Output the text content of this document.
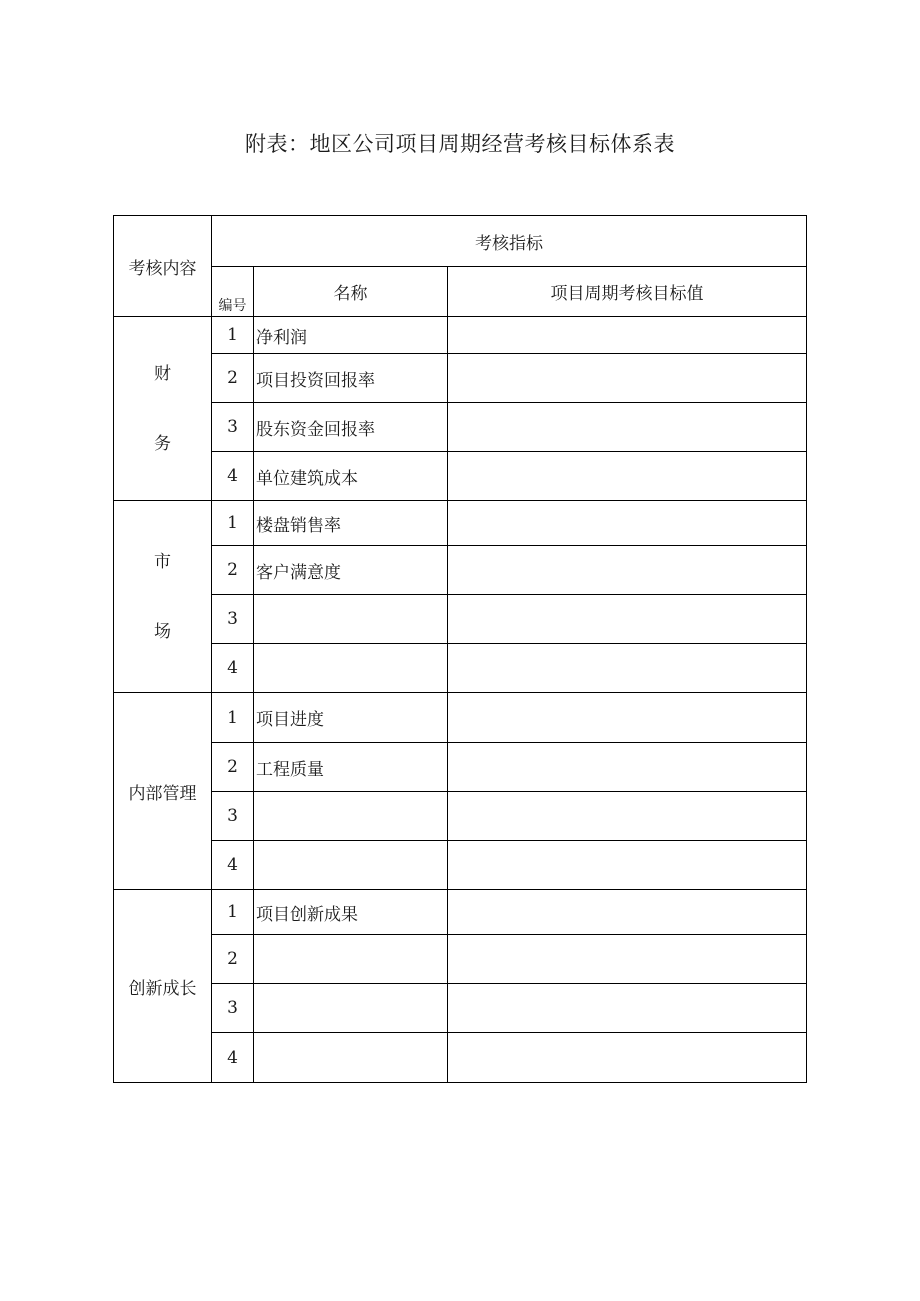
附表：地区公司项目周期经营考核目标体系表
考核内容	考核指标		
	编号	名称	项目周期考核目标值

财
务	1	净利润	
	2	项目投资回报率	
	3	股东资金回报率	
	4	单位建筑成本	

市
场	1	楼盘销售率	
	2	客户满意度	
	3		
	4		
内部管理	1	项目进度	
	2	工程质量	
	3		
	4		
创新成长	1	项目创新成果	
	2		
	3		
	4		
